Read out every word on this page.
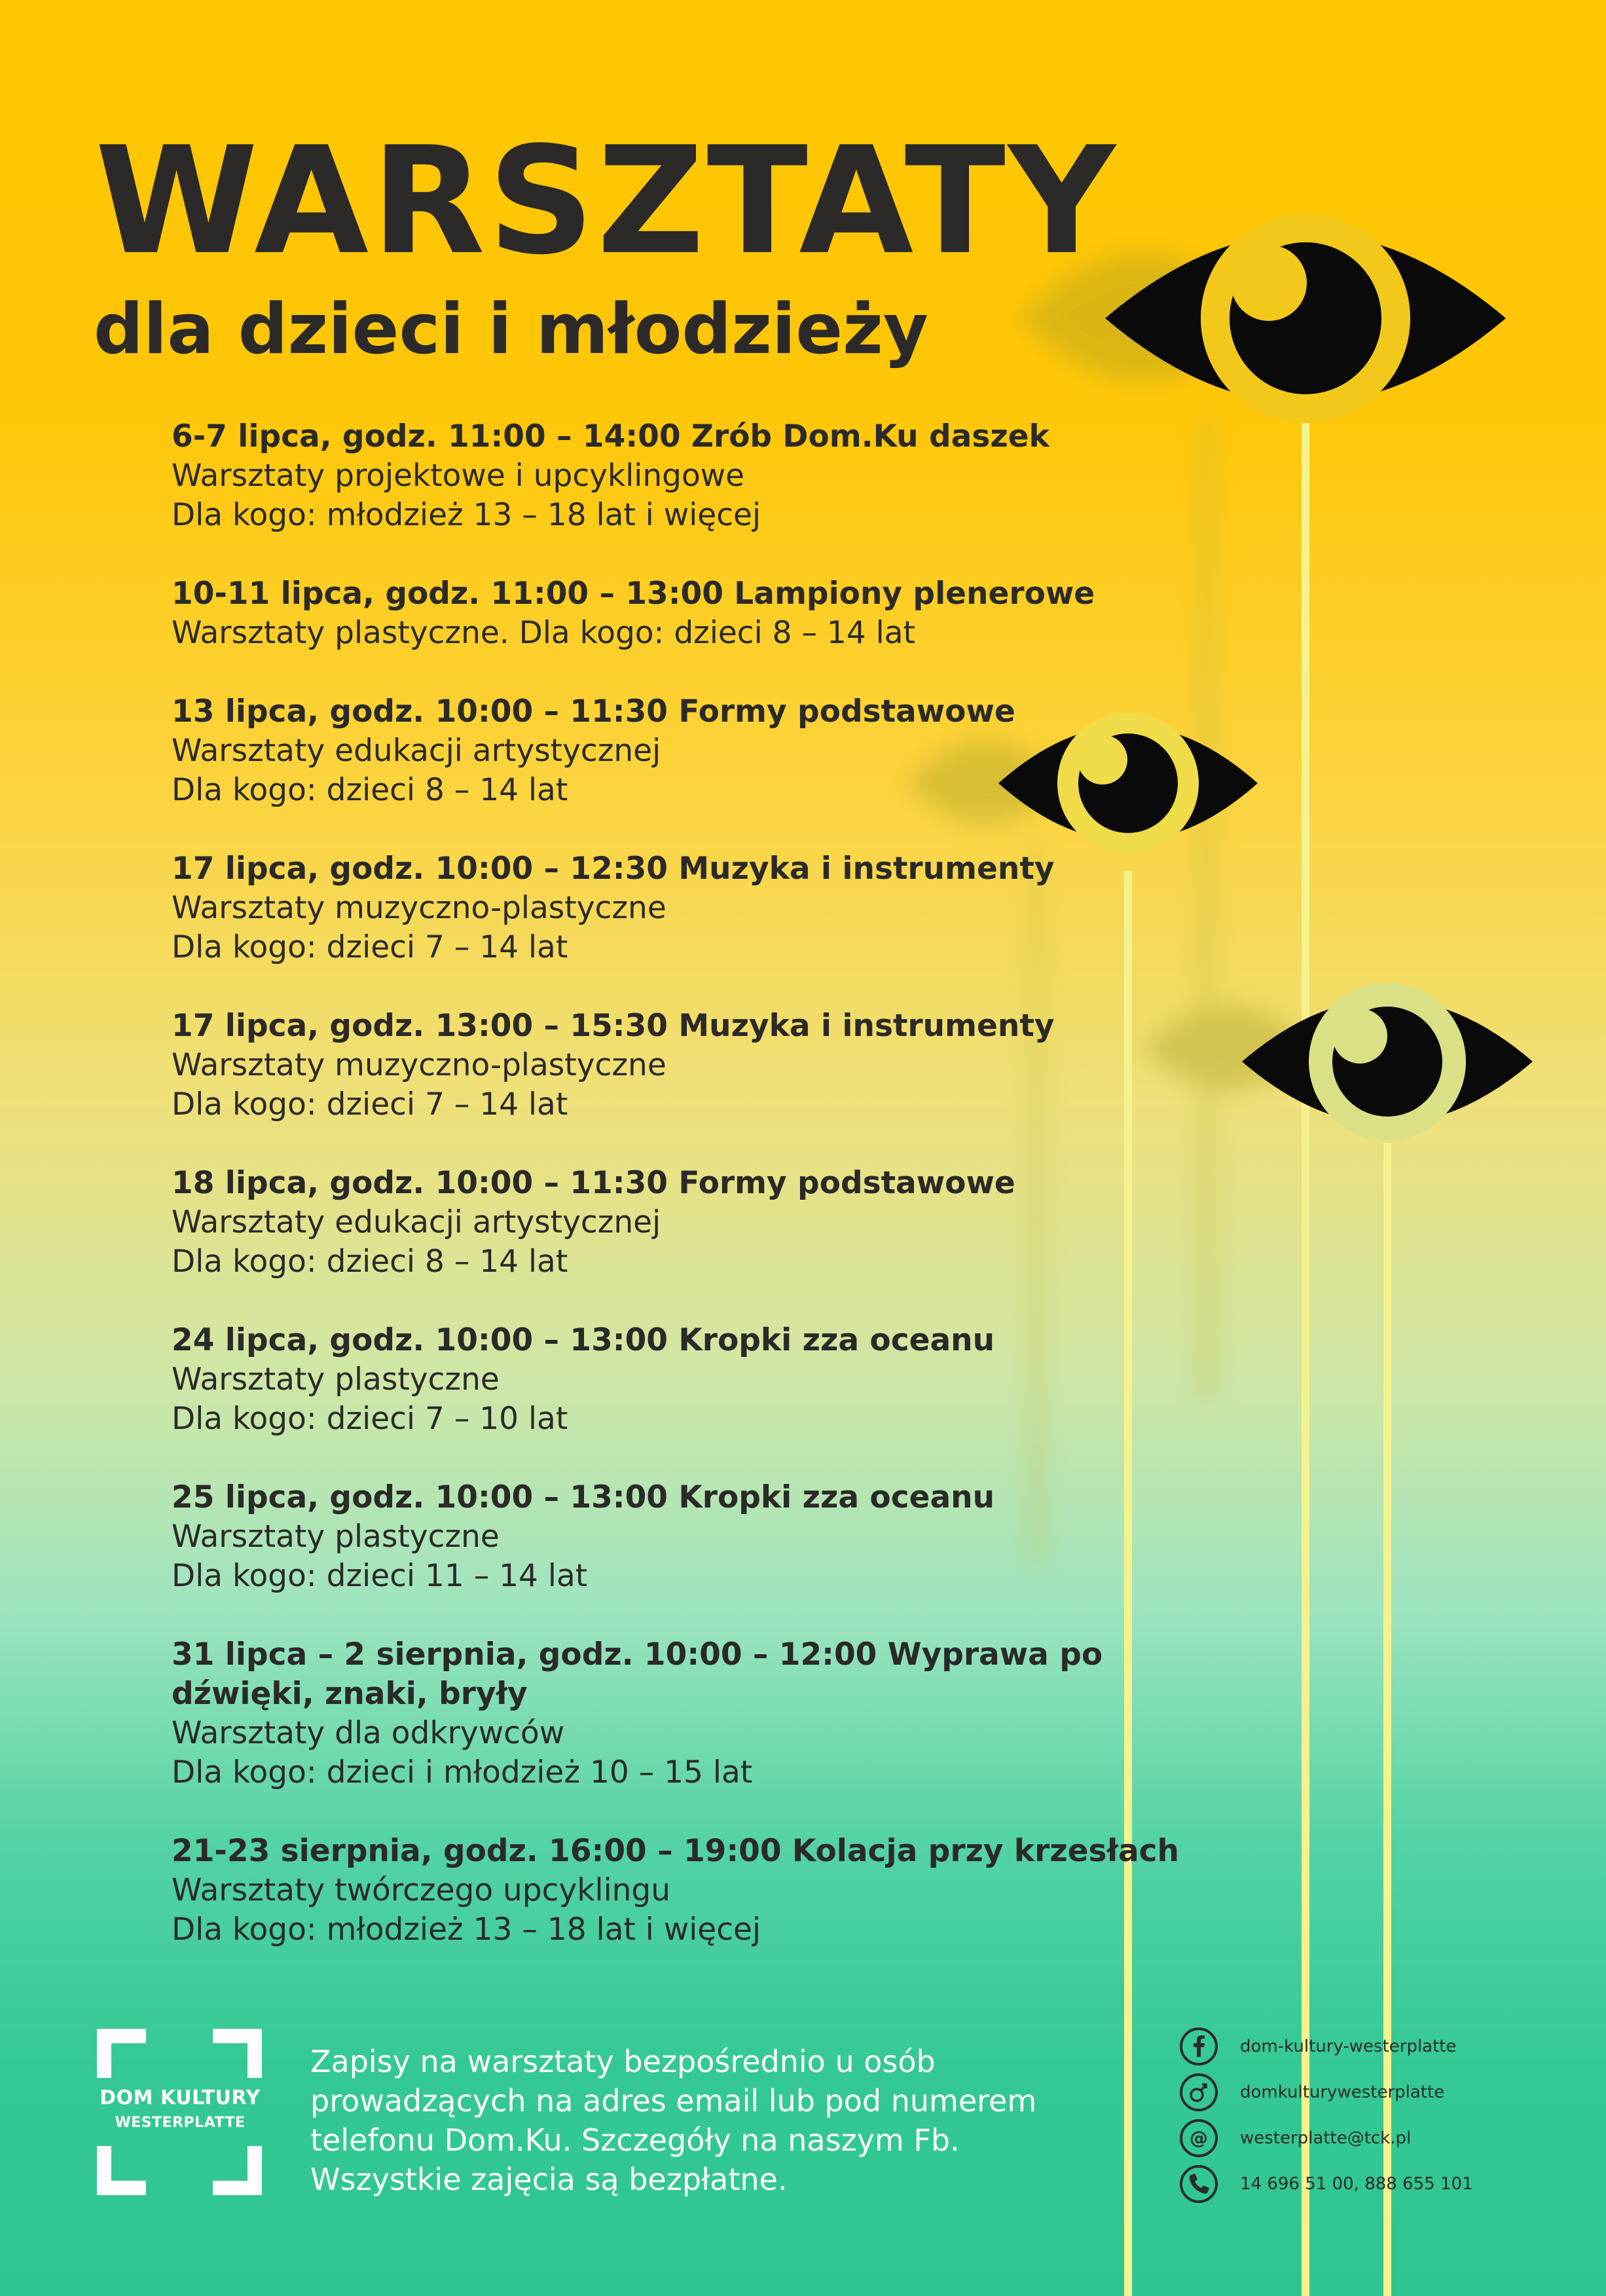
WARSZTATY
dla dzieci i młodzieży
6-7 lipca, godz. 11:00 – 14:00 Zrób Dom.Ku daszek
Warsztaty projektowe i upcyklingowe
Dla kogo: młodzież 13 – 18 lat i więcej
10-11 lipca, godz. 11:00 – 13:00 Lampiony plenerowe
Warsztaty plastyczne. Dla kogo: dzieci 8 – 14 lat
13 lipca, godz. 10:00 – 11:30 Formy podstawowe
Warsztaty edukacji artystycznej
Dla kogo: dzieci 8 – 14 lat
17 lipca, godz. 10:00 – 12:30 Muzyka i instrumenty
Warsztaty muzyczno-plastyczne
Dla kogo: dzieci 7 – 14 lat
17 lipca, godz. 13:00 – 15:30 Muzyka i instrumenty
Warsztaty muzyczno-plastyczne
Dla kogo: dzieci 7 – 14 lat
18 lipca, godz. 10:00 – 11:30 Formy podstawowe
Warsztaty edukacji artystycznej
Dla kogo: dzieci 8 – 14 lat
24 lipca, godz. 10:00 – 13:00 Kropki zza oceanu
Warsztaty plastyczne
Dla kogo: dzieci 7 – 10 lat
25 lipca, godz. 10:00 – 13:00 Kropki zza oceanu
Warsztaty plastyczne
Dla kogo: dzieci 11 – 14 lat
31 lipca – 2 sierpnia, godz. 10:00 – 12:00 Wyprawa po dźwięki, znaki, bryły
Warsztaty dla odkrywców
Dla kogo: dzieci i młodzież 10 – 15 lat
21-23 sierpnia, godz. 16:00 – 19:00 Kolacja przy krzesłach
Warsztaty twórczego upcyklingu
Dla kogo: młodzież 13 – 18 lat i więcej
DOM KULTURY
WESTERPLATTE

Zapisy na warsztaty bezpośrednio u osób prowadzących na adres email lub pod numerem telefonu Dom.Ku. Szczegóły na naszym Fb. Wszystkie zajęcia są bezpłatne.

dom-kultury-westerplatte
domkulturywesterplatte
@ westerplatte@tck.pl
14 696 51 00, 888 655 101
